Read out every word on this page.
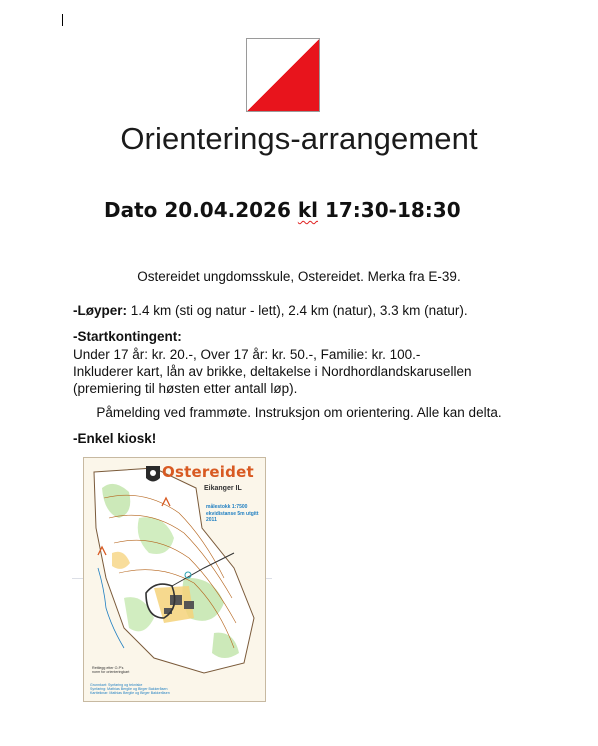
Orienterings-arrangement
Dato 20.04.2026 kl 17:30-18:30
Ostereidet ungdomsskule, Ostereidet. Merka fra E-39.
-Løyper: 1.4 km (sti og natur - lett), 2.4 km (natur), 3.3 km (natur).
-Startkontingent:
Under 17 år: kr. 20.-, Over 17 år: kr. 50.-, Familie: kr. 100.-
Inkluderer kart, lån av brikke, deltakelse i Nordhordlandskarusellen
(premiering til høsten etter antall løp).
Påmelding ved frammøte. Instruksjon om orientering. Alle kan delta.
-Enkel kiosk!
Ostereidet
Eikanger IL
målestokk 1:7500 ekvidistanse 5m utgitt 2011
Rettlegg etter O-P's norm for orienteringkart
Grunnkart: Synfaring og tekniske
Synfaring: Mathias Berglie og Birger Bakkeråsen
Kartteiknar: Mathias Berglie og Birger Bakkeråsen
